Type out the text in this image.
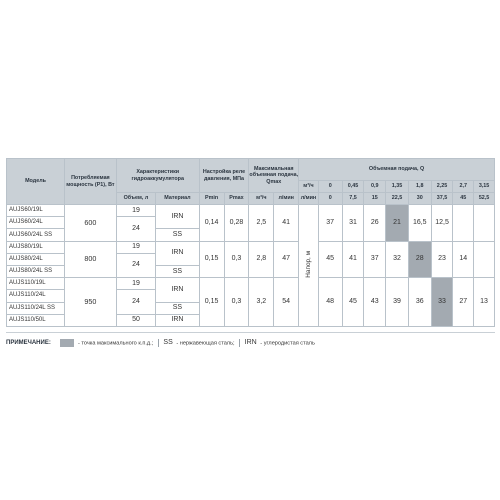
Модель	Потребляемая мощность (P1), Вт	Характеристики гидроаккумулятора		Настройка реле давления, МПа		Максимальная объемная подача, Qmax		Объемная подача, Q								
								м³/ч	0	0,45	0,9	1,35	1,8	2,25	2,7	3,15
		Объем, л	Материал	Pmin	Pmax	м³/ч	л/мин	л/мин	0	7,5	15	22,5	30	37,5	45	52,5
AUJS60/19L	600	19	IRN	0,14	0,28	2,5	41	Напор, м	37	31	26	21	16,5	12,5		
AUJS60/24L		24														
AUJS60/24L SS			SS													
AUJS80/19L	800	19	IRN	0,15	0,3	2,8	47		45	41	37	32	28	23	14	
AUJS80/24L		24														
AUJS80/24L SS			SS													
AUJS110/19L	950	19	IRN	0,15	0,3	3,2	54		48	45	43	39	36	33	27	13
AUJS110/24L		24														
AUJS110/24L SS			SS													
AUJS110/50L		50	IRN													
ПРИМЕЧАНИЕ:	- точка максимального к.п.д.; SS - нержавеющая сталь; IRN - углеродистая сталь
